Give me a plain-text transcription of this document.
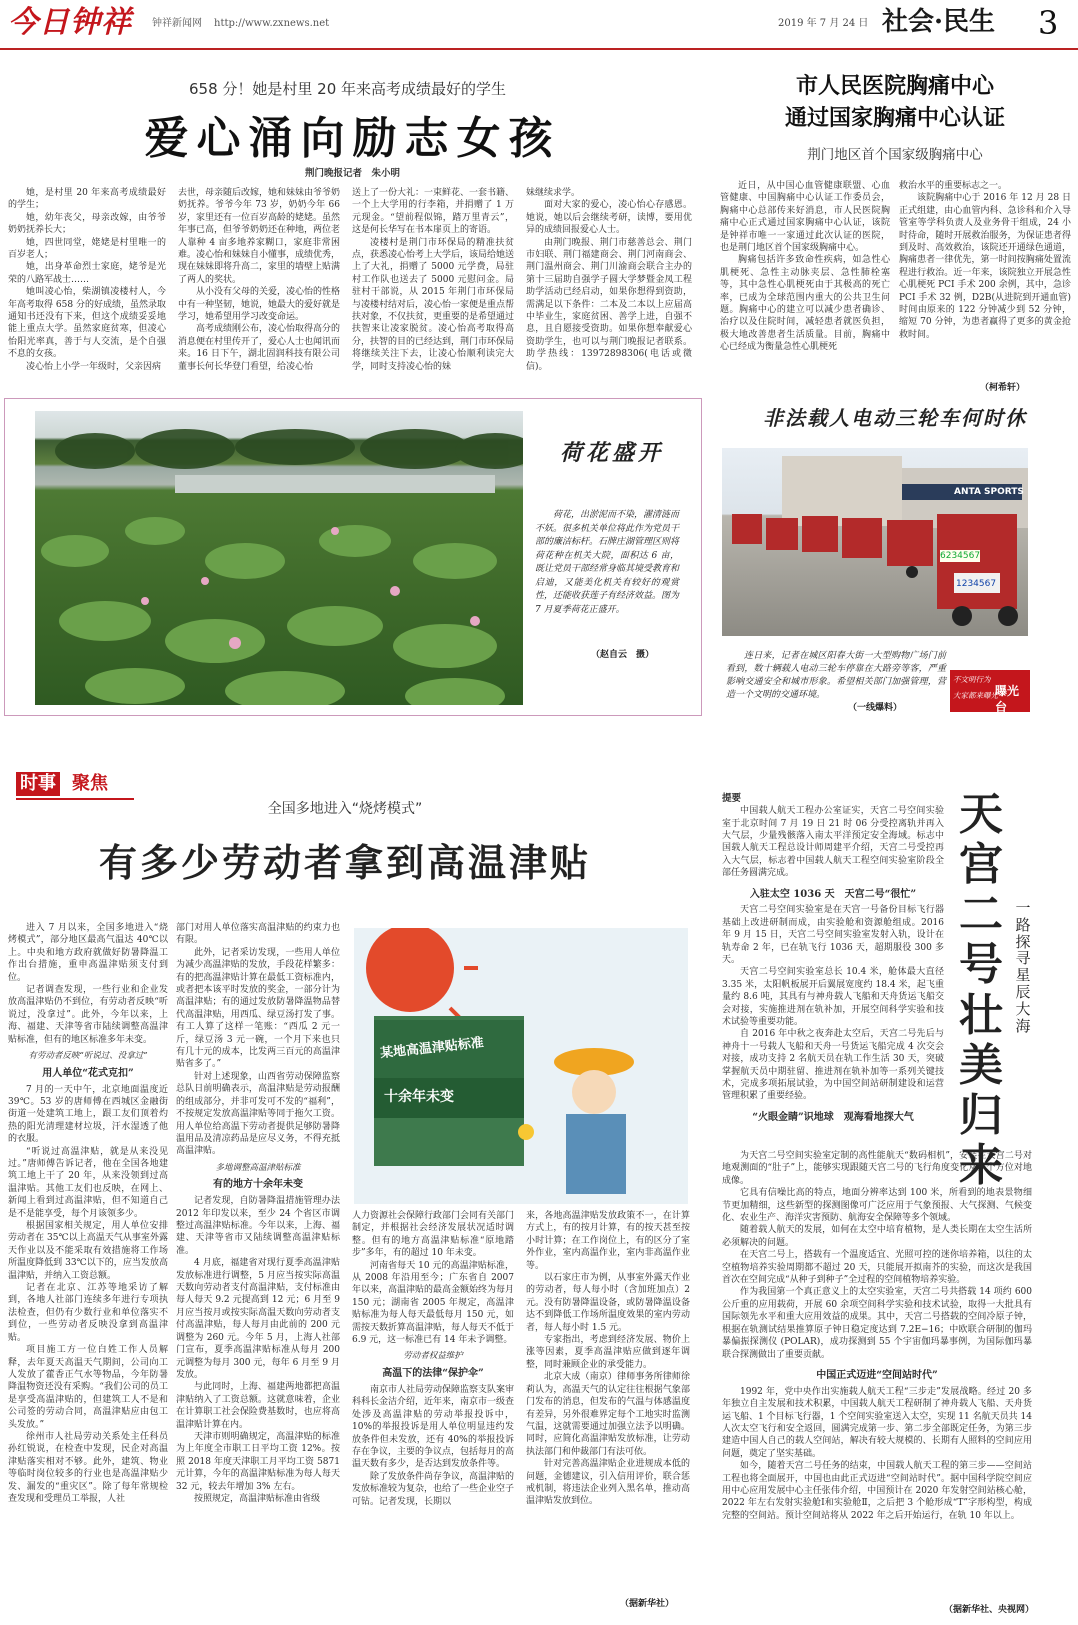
今日钟祥 钟祥新闻网 http://www.zxnews.net	2019 年 7 月 24 日 社会·民生 3
658 分！她是村里 20 年来高考成绩最好的学生
爱心涌向励志女孩
荆门晚报记者　朱小明

她，是村里 20 年来高考成绩最好的学生；

她，幼年丧父，母亲改嫁，由爷爷奶奶抚养长大；

她，四世同堂，姥姥是村里唯一的百岁老人；

她，出身革命烈士家庭，姥爷是光荣的八路军战士……

她叫凌心怡，柴湖镇凌楼村人，今年高考取得 658 分的好成绩，虽然录取通知书还没有下来，但这个成绩妥妥地能上重点大学。虽然家庭贫寒，但凌心怡阳光率真，善于与人交流，是个自强不息的女孩。

凌心怡上小学一年级时，父亲因病

去世，母亲随后改嫁，她和妹妹由爷爷奶奶抚养。爷爷今年 73 岁，奶奶今年 66 岁，家里还有一位百岁高龄的姥姥。虽然年事已高，但爷爷奶奶还在种地，两位老人靠种 4 亩多地养家糊口，家庭非常困难。凌心怡和妹妹自小懂事，成绩优秀，现在妹妹即将升高二，家里的墙壁上贴满了两人的奖状。

从小没有父母的关爱，凌心怡的性格中有一种坚韧，她说，她最大的爱好就是学习，她希望用学习改变命运。

高考成绩刚公布，凌心怡取得高分的消息便在村里传开了，爱心人士也闻讯而来。16 日下午，湖北固润科技有限公司董事长何长华登门看望，给凌心怡

送上了一份大礼：一束鲜花、一套书籍、一个上大学用的行李箱，并捐赠了 1 万元现金。“望前程似锦，踏万里青云”，这是何长华写在书本扉页上的寄语。

凌楼村是荆门市环保局的精准扶贫点，获悉凌心怡考上大学后，该局给她送上了大礼，捐赠了 5000 元学费，局驻村工作队也送去了 5000 元慰问金。局驻村干部说，从 2015 年荆门市环保局与凌楼村结对后，凌心怡一家便是重点帮扶对象，不仅扶贫，更重要的是希望通过扶智来让凌家脱贫。凌心怡高考取得高分，扶智的目的已经达到，荆门市环保局将继续关注下去，让凌心怡顺利读完大学，同时支持凌心怡的妹

妹继续求学。

面对大家的爱心，凌心怡心存感恩。她说，她以后会继续考研，读博，要用优异的成绩回报爱心人士。

由荆门晚报、荆门市慈善总会、荆门市妇联、荆门福建商会、荆门河南商会、荆门温州商会、荆门川渝商会联合主办的第十三届助自强学子圆大学梦暨金凤工程助学活动已经启动，如果你想得到资助，需满足以下条件：二本及二本以上应届高中毕业生，家庭贫困、善学上进，自强不息，且自愿接受资助。如果你想奉献爱心资助学生，也可以与荆门晚报记者联系。助学热线：13972898306(电话或微信)。

市人民医院胸痛中心
通过国家胸痛中心认证
荆门地区首个国家级胸痛中心

近日，从中国心血管健康联盟、心血管健康、中国胸痛中心认证工作委员会，胸痛中心总部传来好消息，市人民医院胸痛中心正式通过国家胸痛中心认证，该院是钟祥市唯一一家通过此次认证的医院，也是荆门地区首个国家级胸痛中心。

胸痛包括许多致命性疾病，如急性心肌梗死、急性主动脉夹层、急性肺栓塞等，其中急性心肌梗死由于其极高的死亡率，已成为全球范围内重大的公共卫生问题。胸痛中心的建立可以减少患者确诊、治疗以及住院时间，减轻患者就医负担，极大地改善患者生活质量。目前，胸痛中心已经成为衡量急性心肌梗死

救治水平的重要标志之一。

该院胸痛中心于 2016 年 12 月 28 日正式组建，由心血管内科、急诊科和介入导管室等学科负责人及业务骨干组成，24 小时待命，随时开展救治服务，为保证患者得到及时、高效救治，该院还开通绿色通道，胸痛患者一律优先，第一时间按胸痛处置流程进行救治。近一年来，该院独立开展急性心肌梗死 PCI 手术 200 余例，其中，急诊 PCI 手术 32 例，D2B(从进院到开通血管)时间由原来的 122 分钟减少到 52 分钟，缩短 70 分钟，为患者赢得了更多的黄金抢救时间。

（柯希轩）
荷花盛开
荷花，出淤泥而不染，濯清涟而不妖。很多机关单位将此作为党员干部的廉洁标杆。石牌庄湖管理区则将荷花种在机关大院，面积达 6 亩，既让党员干部经常身临其境受教育和启迪，又能美化机关有较好的观赏性，还能收获莲子有经济效益。图为 7 月夏季荷花正盛开。
（赵自云　摄）
非法载人电动三轮车何时休
ANTA SPORTS
6234567
1234567
连日来，记者在城区阳春大街一大型购物广场门前看到，数十辆载人电动三轮车停靠在大路旁等客，严重影响交通安全和城市形象。希望相关部门加强管理，营造一个文明的交通环境。
（一线爆料）
不文明行为
大家都来曝光
曝光台
时事 聚焦
全国多地进入“烧烤模式”
有多少劳动者拿到高温津贴

进入 7 月以来，全国多地进入“烧烤模式”，部分地区最高气温达 40℃以上。中央和地方政府就做好防暑降温工作出台措施，重申高温津贴须支付到位。

记者调查发现，一些行业和企业发放高温津贴仍不到位，有劳动者反映“听说过，没拿过”。此外，今年以来，上海、福建、天津等省市陆续调整高温津贴标准，但有的地区标准多年未变。

有劳动者反映“听说过、没拿过”
用人单位“花式克扣”

7 月的一天中午，北京地面温度近 39℃。53 岁的唐师傅在西城区金融街街道一处建筑工地上，跟工友们顶着灼热的阳光清理建材垃圾，汗水湿透了他的衣服。

“听说过高温津贴，就是从来没见过。”唐师傅告诉记者，他在全国各地建筑工地上干了 20 年，从来没领到过高温津贴。其他工友们也反映，在网上、新闻上看到过高温津贴，但不知道自己是不是能享受，每个月该领多少。

根据国家相关规定，用人单位安排劳动者在 35℃以上高温天气从事室外露天作业以及不能采取有效措施将工作场所温度降低到 33℃以下的，应当发放高温津贴，并纳入工资总额。

记者在北京、江苏等地采访了解到，各地人社部门连续多年进行专项执法检查，但仍有少数行业和单位落实不到位，一些劳动者反映没拿到高温津贴。

项目施工方一位白姓工作人员解释，去年夏天高温天气期间，公司向工人发放了藿香正气水等物品，今年防暑降温物资还没有采购。“我们公司的员工是享受高温津贴的，但建筑工人不是和公司签的劳动合同，高温津贴应由包工头发放。”

徐州市人社局劳动关系处主任科员孙红锐说，在检查中发现，民企对高温津贴落实相对不够。此外，建筑、物业等临时岗位较多的行业也是高温津贴少发、漏发的“重灾区”。除了每年常规检查发现和受理员工举报，人社

部门对用人单位落实高温津贴的约束力也有限。

此外，记者采访发现，一些用人单位为减少高温津贴的发放，手段花样繁多：有的把高温津贴计算在最低工资标准内，或者把本该平时发放的奖金，一部分计为高温津贴；有的通过发放防暑降温物品替代高温津贴，用西瓜、绿豆汤打发了事。有工人算了这样一笔账：“西瓜 2 元一斤，绿豆汤 3 元一碗，一个月下来也只有几十元的成本，比发两三百元的高温津贴省多了。”

针对上述现象，山西省劳动保障监察总队日前明确表示，高温津贴是劳动报酬的组成部分，并非可发可不发的“福利”，不按规定发放高温津贴等同于拖欠工资。用人单位给高温下劳动者提供足够防暑降温用品及清凉药品是应尽义务，不得充抵高温津贴。

多地调整高温津贴标准
有的地方十余年未变

记者发现，自防暑降温措施管理办法 2012 年印发以来，至少 24 个省区市调整过高温津贴标准。今年以来，上海、福建、天津等省市又陆续调整高温津贴标准。

4 月底，福建省对现行夏季高温津贴发放标准进行调整，5 月应当按实际高温天数向劳动者支付高温津贴，支付标准由每人每天 9.2 元提高到 12 元；6 月至 9 月应当按月或按实际高温天数向劳动者支付高温津贴，每人每月由此前的 200 元调整为 260 元。今年 5 月，上海人社部门宣布，夏季高温津贴标准从每月 200 元调整为每月 300 元，每年 6 月至 9 月发放。

与此同时，上海、福建两地都把高温津贴纳入了工资总额。这就意味着，企业在计算职工社会保险费基数时，也应将高温津贴计算在内。

天津市则明确规定，高温津贴的标准为上年度全市职工日平均工资 12%。按照 2018 年度天津职工月平均工资 5871 元计算，今年的高温津贴标准为每人每天 32 元，较去年增加 3% 左右。

按照规定，高温津贴标准由省级

某地高温津贴标准
十余年未变

人力资源社会保障行政部门会同有关部门制定，并根据社会经济发展状况适时调整。但有的地方高温津贴标准“原地踏步”多年，有的超过 10 年未变。

河南省每天 10 元的高温津贴标准，从 2008 年沿用至今；广东省自 2007 年以来，高温津贴的最高金额始终为每月 150 元；湖南省 2005 年规定，高温津贴标准为每人每天最低每月 150 元，如需按天数折算高温津贴，每人每天不低于 6.9 元，这一标准已有 14 年未予调整。

劳动者权益维护
高温下的法律“保护伞”

南京市人社局劳动保障监察支队案审科科长金洁介绍，近年来，南京市一级查处涉及高温津贴的劳动举报投诉中，10%的举报投诉是用人单位明显违约发放条件但未发放，还有 40%的举报投诉存在争议，主要的争议点，包括每月的高温天数有多少，是否达到发放条件等。

除了发放条件尚存争议，高温津贴的发放标准较为复杂，也给了一些企业空子可钻。记者发现，长期以

来，各地高温津贴发放政策不一，在计算方式上，有的按月计算，有的按天甚至按小时计算；在工作岗位上，有的区分了室外作业，室内高温作业，室内非高温作业等。

以石家庄市为例，从事室外露天作业的劳动者，每人每小时（含加班加点）2 元。没有防暑降温设备，或防暑降温设备达不到降低工作场所温度效果的室内劳动者，每人每小时 1.5 元。

专家指出，考虑到经济发展、物价上涨等因素，夏季高温津贴应做到逐年调整，同时兼顾企业的承受能力。

北京大成（南京）律师事务所律师徐莉认为，高温天气的认定往往根据气象部门发布的消息，但发布的气温与体感温度有差异，另外很难界定每个工地实时监测气温，这就需要通过加强立法予以明确。同时，应简化高温津贴发放标准，让劳动执法部门和仲裁部门有法可依。

针对完善高温津贴企业进规成本低的问题，金德建议，引入信用评价，联合惩戒机制，将违法企业列入黑名单，推动高温津贴发放到位。

（据新华社）
天宫二号壮美归来
一路探寻星辰大海
提要
中国载人航天工程办公室证实，天宫二号空间实验室于北京时间 7 月 19 日 21 时 06 分受控离轨并再入大气层，少量残骸落入南太平洋预定安全海域。标志中国载人航天工程总设计师周建平介绍，天宫二号受控再入大气层，标志着中国载人航天工程空间实验室阶段全部任务圆满完成。
入驻太空 1036 天　天宫二号“很忙”

天宫二号空间实验室是在天宫一号备份目标飞行器基础上改进研制而成，由实验舱和资源舱组成。2016 年 9 月 15 日，天宫二号空间实验室发射入轨，设计在轨寿命 2 年，已在轨飞行 1036 天，超期服役 300 多天。

天宫二号空间实验室总长 10.4 米，舱体最大直径 3.35 米，太阳帆板展开后翼展宽度约 18.4 米，起飞重量约 8.6 吨，其具有与神舟载人飞船和天舟货运飞船交会对接，实施推进剂在轨补加，开展空间科学实验和技术试验等重要功能。

自 2016 年中秋之夜奔赴太空后，天宫二号先后与神舟十一号载人飞船和天舟一号货运飞船完成 4 次交会对接，成功支持 2 名航天员在轨工作生活 30 天，突破掌握航天员中期驻留、推进剂在轨补加等一系列关键技术，完成多项拓展试验，为中国空间站研制建设和运营管理积累了重要经验。

“火眼金睛”识地球　观海看地探大气

为天宫二号空间实验室定制的高性能航天“数码相机”，安装在天宫二号对地观测面的“肚子”上，能够实现跟随天宫二号的飞行角度变化从多个方位对地成像。

它具有信噪比高的特点，地面分辨率达到 100 米，所看到的地表景物细节更加精细，这些新型的探测图像可广泛应用于气象预报、大气探测、气候变化、农业生产、海洋灾害预防、航海安全保障等多个领域。

随着载人航天的发展，如何在太空中培育植物，是人类长期在太空生活所必须解决的问题。

在天宫二号上，搭载有一个温度适宜、光照可控的迷你培养箱，以往的太空植物培养实验周期都不超过 20 天，只能展开拟南芥的实验，而这次是我国首次在空间完成“从种子到种子”全过程的空间植物培养实验。

作为我国第一个真正意义上的太空实验室，天宫二号共搭载 14 项约 600 公斤重的应用载荷，开展 60 余项空间科学实验和技术试验，取得一大批具有国际领先水平和重大应用效益的成果。其中，天宫二号搭载的空间冷原子钟，根据在轨测试结果推算原子钟日稳定度达到 7.2E−16；中欧联合研制的伽玛暴偏振探测仪 (POLAR)，成功探测到 55 个宇宙伽玛暴事例，为国际伽玛暴联合探测做出了重要贡献。

中国正式迈进“空间站时代”

1992 年，党中央作出实施载人航天工程“三步走”发展战略。经过 20 多年独立自主发展和技术积累，中国载人航天工程研制了神舟载人飞船、天舟货运飞船、1 个目标飞行器，1 个空间实验室送入太空，实现 11 名航天员共 14 人次太空飞行和安全返回，圆满完成第一步、第二步全部既定任务，为第三步建造中国人自己的载人空间站，解决有较大规模的、长期有人照料的空间应用问题，奠定了坚实基础。

如今，随着天宫二号任务的结束，中国载人航天工程的第三步——空间站工程也将全面展开，中国也由此正式迈进“空间站时代”。据中国科学院空间应用中心应用发展中心主任张伟介绍，中国预计在 2020 年发射空间站核心舱，2022 年左右发射实验舱Ⅰ和实验舱Ⅱ，之后把 3 个舱形成“T”字形构型，构成完整的空间站。预计空间站将从 2022 年之后开始运行，在轨 10 年以上。

（据新华社、央视网）
